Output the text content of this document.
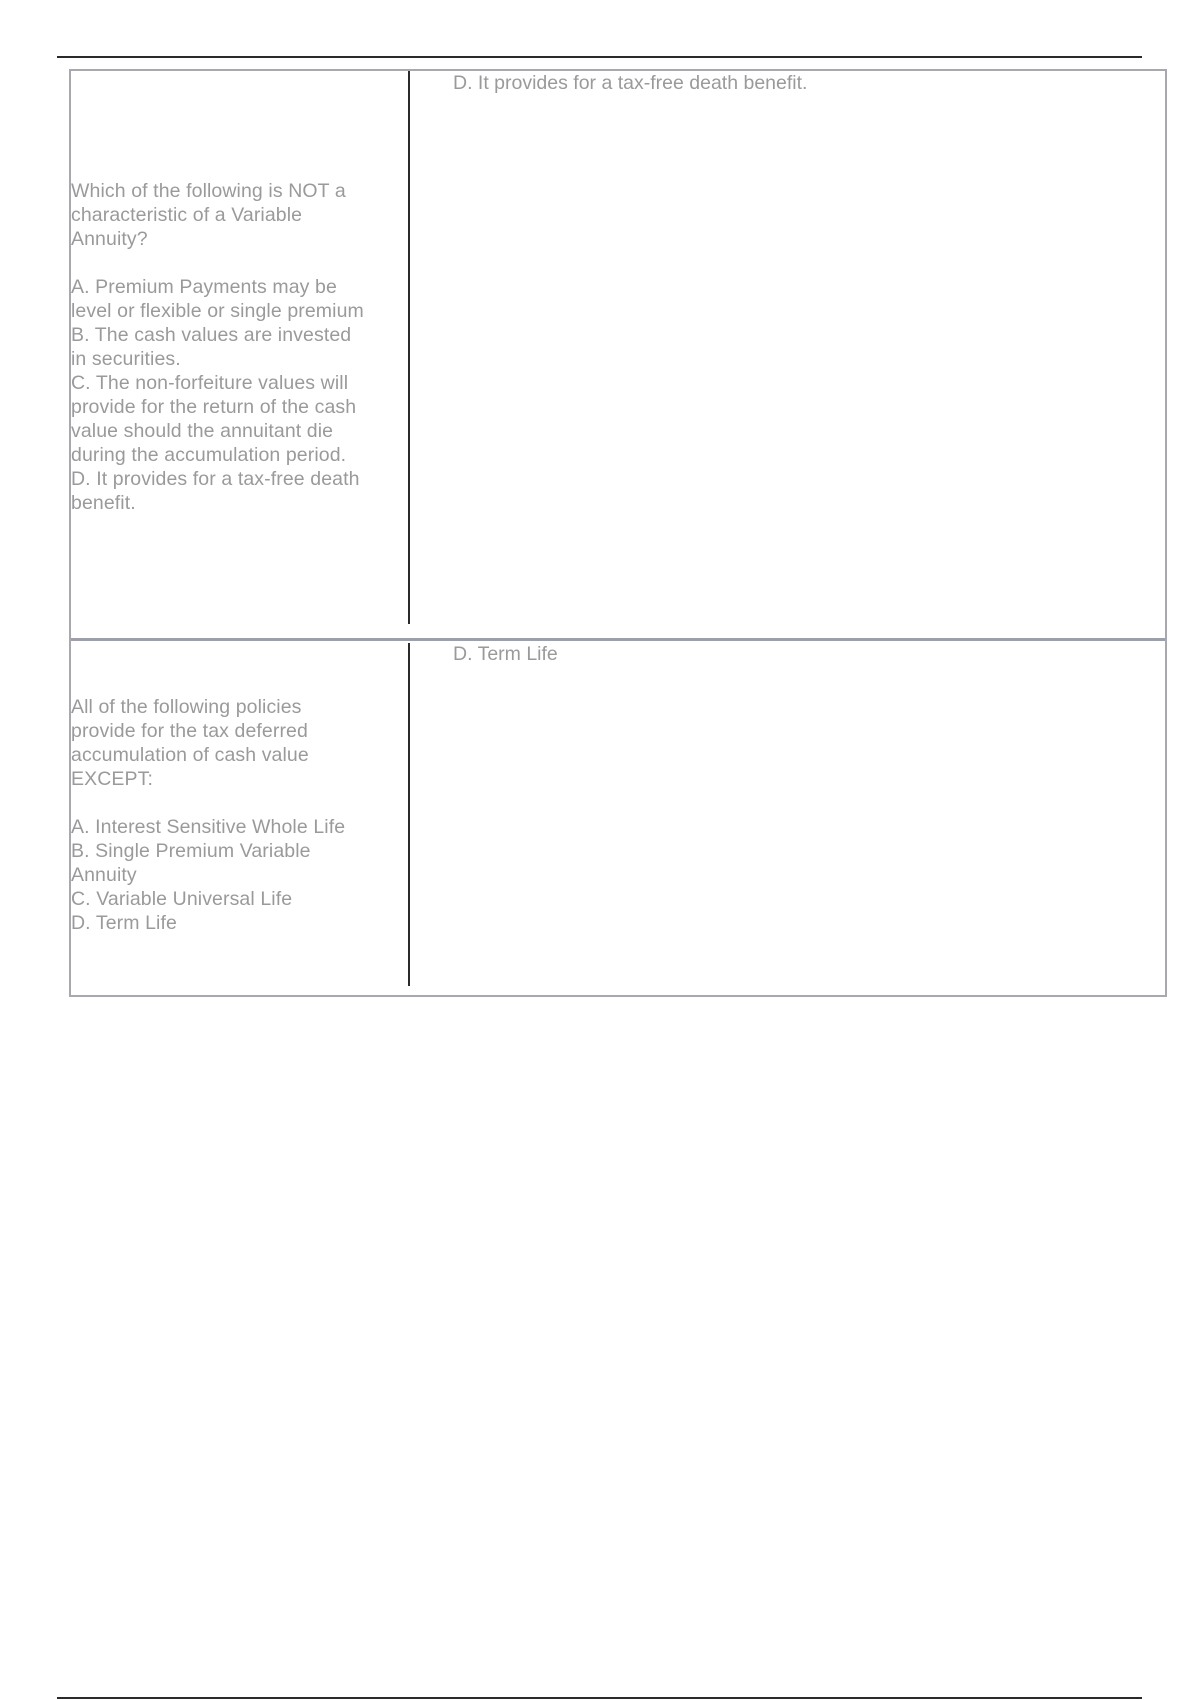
Which of the following is NOT a
characteristic of a Variable
Annuity?

A. Premium Payments may be
level or flexible or single premium
B. The cash values are invested
in securities.
C. The non-forfeiture values will
provide for the return of the cash
value should the annuitant die
during the accumulation period.
D. It provides for a tax-free death
benefit.
D. It provides for a tax-free death benefit.
All of the following policies
provide for the tax deferred
accumulation of cash value
EXCEPT:

A. Interest Sensitive Whole Life
B. Single Premium Variable
Annuity
C. Variable Universal Life
D. Term Life
D. Term Life
